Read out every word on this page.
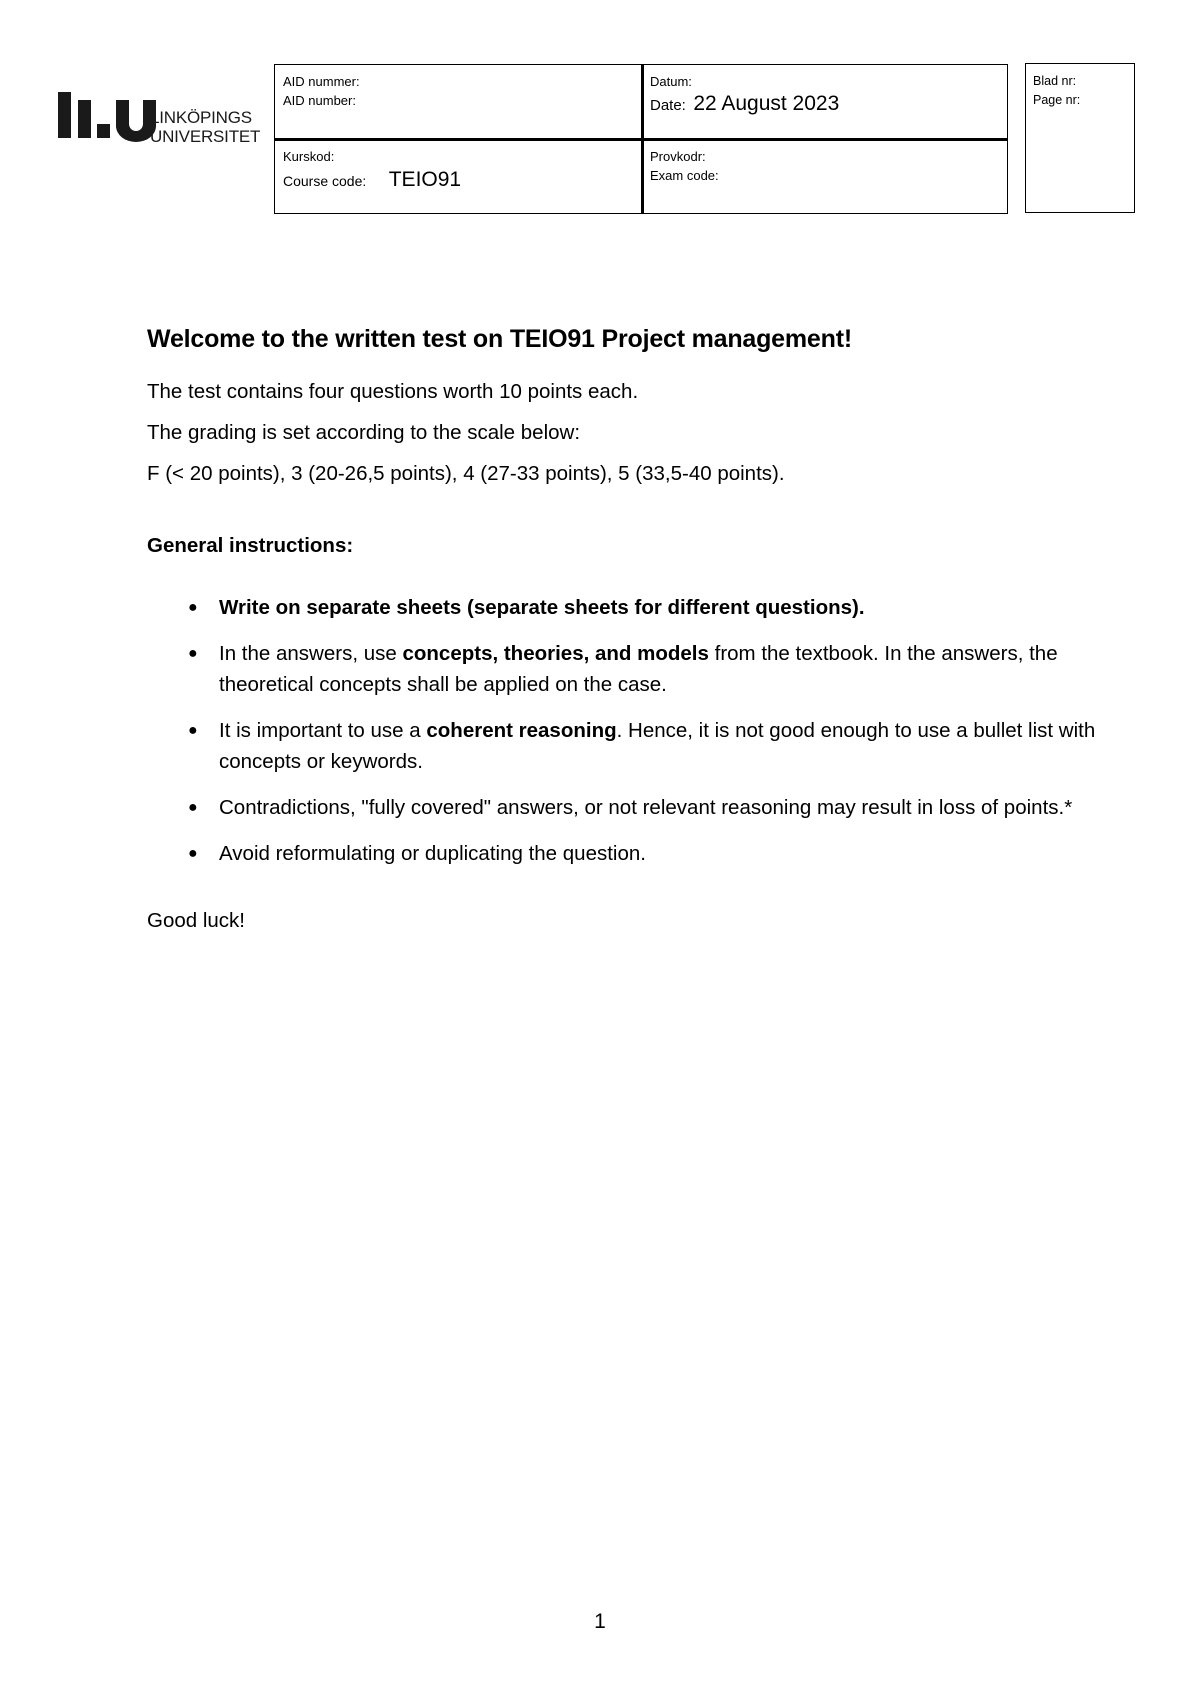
LINKÖPINGS
UNIVERSITET
AID nummer:
AID number:
Datum:
Date: 22 August 2023
Kurskod:
Course code: TEIO91
Provkodr:
Exam code:
Blad nr:
Page nr:
Welcome to the written test on TEIO91 Project management!

The test contains four questions worth 10 points each.

The grading is set according to the scale below:

F (< 20 points), 3 (20-26,5 points), 4 (27-33 points), 5 (33,5-40 points).

General instructions:
● Write on separate sheets (separate sheets for different questions).
● In the answers, use concepts, theories, and models from the textbook. In the answers, the theoretical concepts shall be applied on the case.
● It is important to use a coherent reasoning. Hence, it is not good enough to use a bullet list with concepts or keywords.
● Contradictions, "fully covered" answers, or not relevant reasoning may result in loss of points.*
● Avoid reformulating or duplicating the question.
Good luck!
1
